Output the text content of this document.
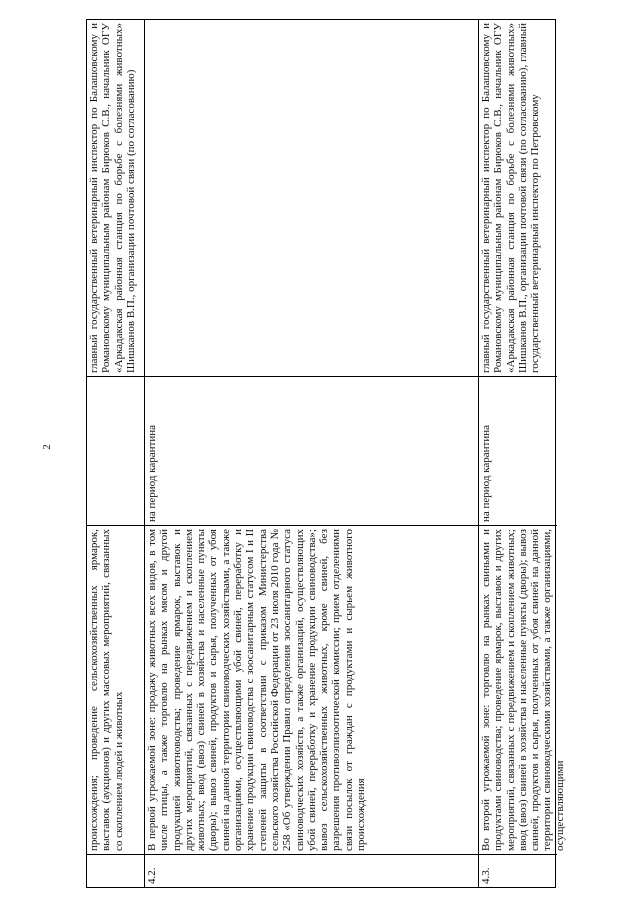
2
происхождения; проведение сельскохозяйственных ярмарок, выставок (аукционов) и других массовых мероприятий, связанных со скоплением людей и животных
главный государственный ветеринарный инспектор по Балашовскому и Романовскому муниципальным районам Бирюков С.В., начальник ОГУ «Аркадакская районная станция по борьбе с болезнями животных» Шишканов В.П., организации почтовой связи (по согласованию)
4.2.
В первой угрожаемой зоне: продажу животных всех видов, в том числе птицы, а также торговлю на рынках мясом и другой продукцией животноводства; проведение ярмарок, выставок и других мероприятий, связанных с передвижением и скоплением животных; ввод (ввоз) свиней в хозяйства и населенные пункты (дворы); вывоз свиней, продуктов и сырья, полученных от убоя свиней на данной территории свиноводческих хозяйствами, а также организациями, осуществляющими убой свиней, переработку и хранение продукции свиноводства с зоосанитарным статусом I и II степеней защиты в соответствии с приказом Министерства сельского хозяйства Российской Федерации от 23 июля 2010 года № 258 «Об утверждении Правил определения зоосанитарного статуса свиноводческих хозяйств, а также организаций, осуществляющих убой свиней, переработку и хранение продукции свиноводства»; вывоз сельскохозяйственных животных, кроме свиней, без разрешения противоэпизоотической комиссии; прием отделениями связи посылок от граждан с продуктами и сырьем животного происхождения
на период карантина
4.3.
Во второй угрожаемой зоне: торговлю на рынках свиньями и продуктами свиноводства; проведение ярмарок, выставок и других мероприятий, связанных с передвижением и скоплением животных; ввод (ввоз) свиней в хозяйства и населенные пункты (дворы); вывоз свиней, продуктов и сырья, полученных от убоя свиней на данной территории свиноводческими хозяйствами, а также организациями, осуществляющими
на период карантина
главный государственный ветеринарный инспектор по Балашовскому и Романовскому муниципальным районам Бирюков С.В., начальник ОГУ «Аркадакская районная станция по борьбе с болезнями животных» Шишканов В.П., организации почтовой связи (по согласованию), главный государственный ветеринарный инспектор по Петровскому
